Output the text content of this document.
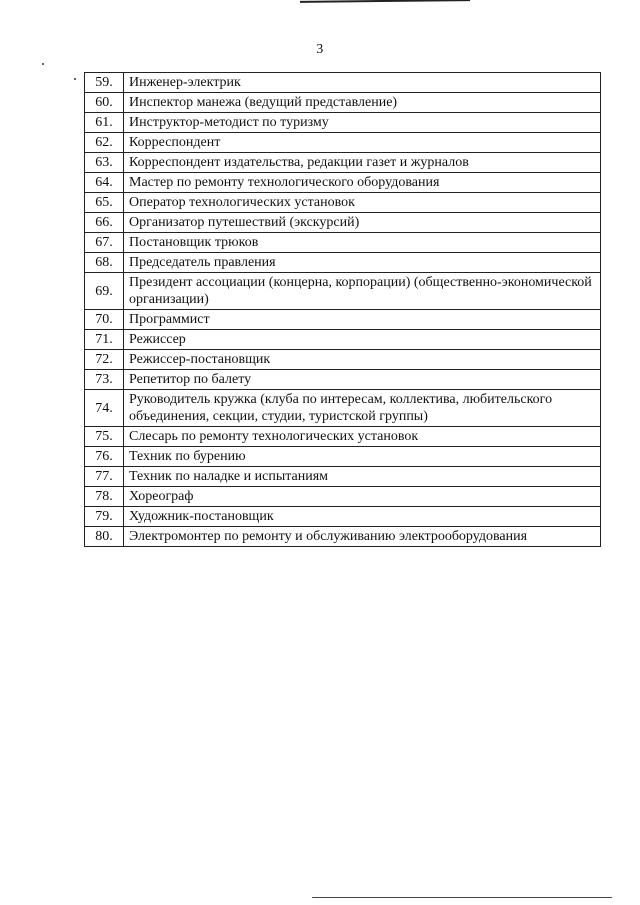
3
59.	Инженер-электрик
60.	Инспектор манежа (ведущий представление)
61.	Инструктор-методист по туризму
62.	Корреспондент
63.	Корреспондент издательства, редакции газет и журналов
64.	Мастер по ремонту технологического оборудования
65.	Оператор технологических установок
66.	Организатор путешествий (экскурсий)
67.	Постановщик трюков
68.	Председатель правления
69.	Президент ассоциации (концерна, корпорации) (общественно-экономической организации)
70.	Программист
71.	Режиссер
72.	Режиссер-постановщик
73.	Репетитор по балету
74.	Руководитель кружка (клуба по интересам, коллектива, любительского объединения, секции, студии, туристской группы)
75.	Слесарь по ремонту технологических установок
76.	Техник по бурению
77.	Техник по наладке и испытаниям
78.	Хореограф
79.	Художник-постановщик
80.	Электромонтер по ремонту и обслуживанию электрооборудования
